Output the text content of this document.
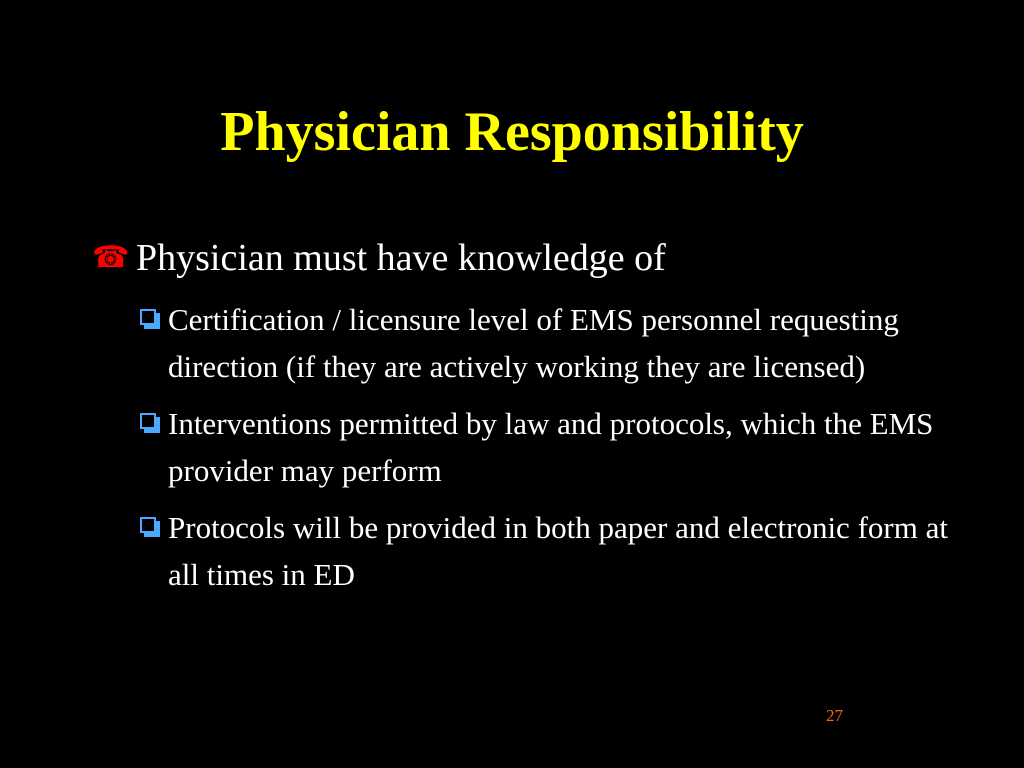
Physician Responsibility
☎ Physician must have knowledge of
Certification / licensure level of EMS personnel requesting direction (if they are actively working they are licensed)
Interventions permitted by law and protocols, which the EMS provider may perform
Protocols will be provided in both paper and electronic form at all times in ED
27
